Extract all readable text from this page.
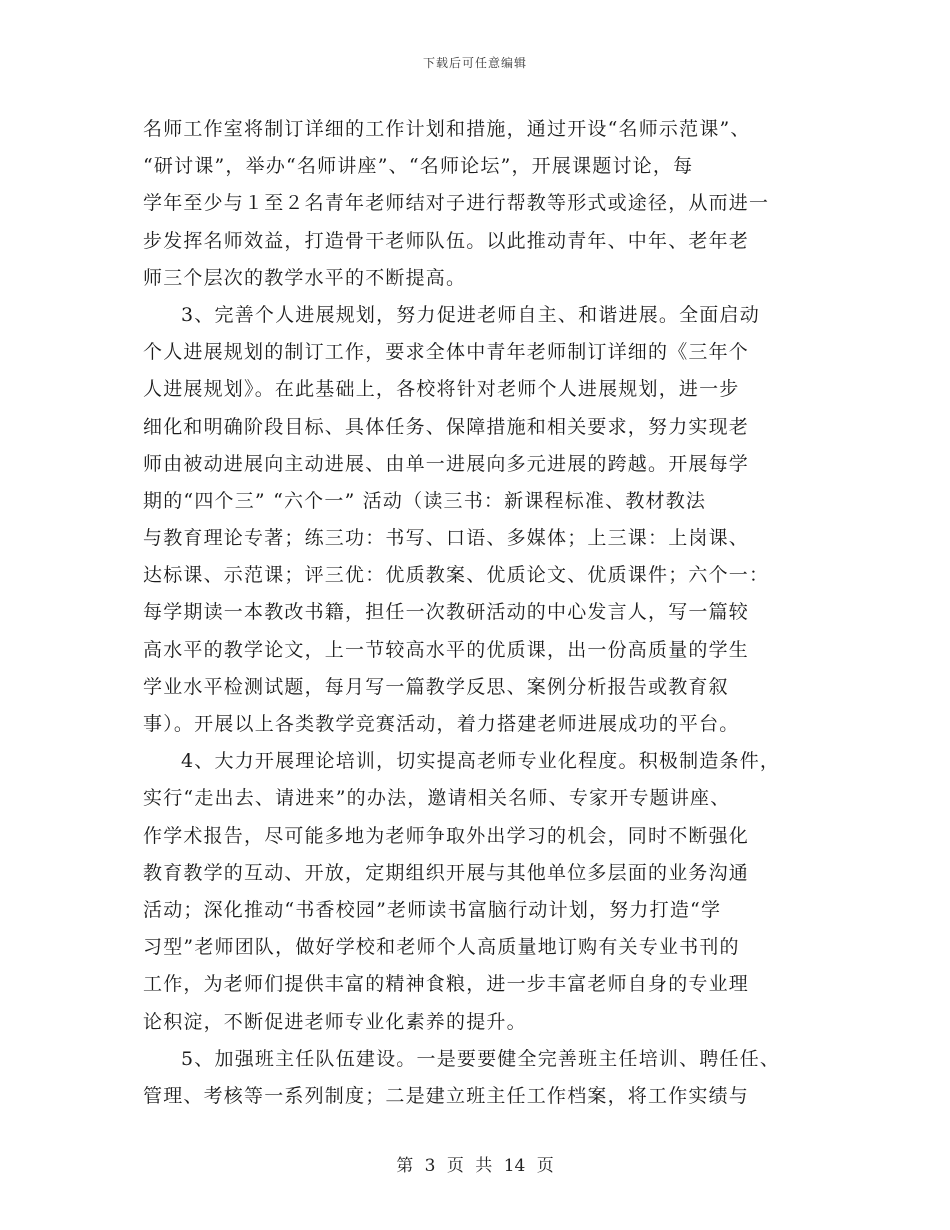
下载后可任意编辑
名师工作室将制订详细的工作计划和措施，通过开设“名师示范课”、
“研讨课”，举办“名师讲座”、“名师论坛”，开展课题讨论，每
学年至少与１至２名青年老师结对子进行帮教等形式或途径，从而进一
步发挥名师效益，打造骨干老师队伍。以此推动青年、中年、老年老
师三个层次的教学水平的不断提高。
3、完善个人进展规划，努力促进老师自主、和谐进展。全面启动
个人进展规划的制订工作，要求全体中青年老师制订详细的《三年个
人进展规划》。在此基础上，各校将针对老师个人进展规划，进一步
细化和明确阶段目标、具体任务、保障措施和相关要求，努力实现老
师由被动进展向主动进展、由单一进展向多元进展的跨越。开展每学
期的“四个三” “六个一” 活动（读三书：新课程标准、教材教法
与教育理论专著；练三功：书写、口语、多媒体；上三课：上岗课、
达标课、示范课；评三优：优质教案、优质论文、优质课件；六个一：
每学期读一本教改书籍，担任一次教研活动的中心发言人，写一篇较
高水平的教学论文，上一节较高水平的优质课，出一份高质量的学生
学业水平检测试题，每月写一篇教学反思、案例分析报告或教育叙
事）。开展以上各类教学竞赛活动，着力搭建老师进展成功的平台。
4、大力开展理论培训，切实提高老师专业化程度。积极制造条件，
实行“走出去、请进来”的办法，邀请相关名师、专家开专题讲座、
作学术报告，尽可能多地为老师争取外出学习的机会，同时不断强化
教育教学的互动、开放，定期组织开展与其他单位多层面的业务沟通
活动；深化推动“书香校园”老师读书富脑行动计划，努力打造“学
习型”老师团队，做好学校和老师个人高质量地订购有关专业书刊的
工作，为老师们提供丰富的精神食粮，进一步丰富老师自身的专业理
论积淀，不断促进老师专业化素养的提升。
5、加强班主任队伍建设。一是要要健全完善班主任培训、聘任任、
管理、考核等一系列制度；二是建立班主任工作档案，将工作实绩与
第 3 页 共 14 页
